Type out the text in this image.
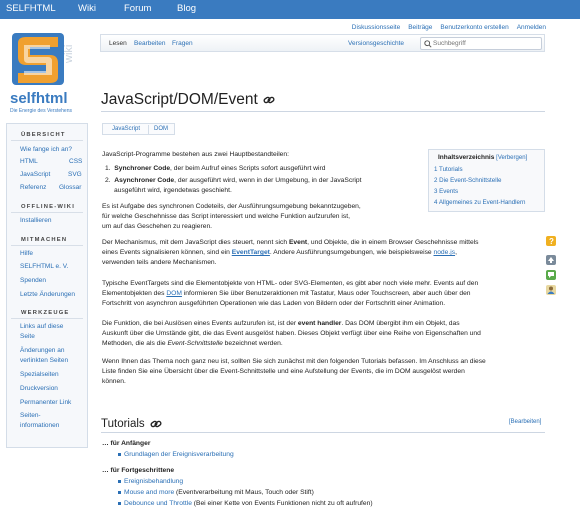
SELFHTML Wiki	Forum	Blog
Diskussionsseite Beiträge Benutzerkonto erstellen Anmelden
wiki
selfhtml
Die Energie des Verstehens
Lesen Bearbeiten Fragen	Versionsgeschichte
Suchbegriff
JavaScript/DOM/Event
JavaScript DOM
ÜBERSICHT
Wie fange ich an?
HTML	CSS
JavaScript	SVG
Referenz Glossar
OFFLINE-WIKI
Installieren
MITMACHEN
Hilfe
SELFHTML e. V.
Spenden
Letzte Änderungen
WERKZEUGE
Links auf diese
Seite
Änderungen an
verlinkten Seiten
Spezialseiten
Druckversion
Permanenter Link
Seiten-
informationen
JavaScript-Programme bestehen aus zwei Hauptbestandteilen:
1.  Synchroner Code, der beim Aufruf eines Scripts sofort ausgeführt wird
2.  Asynchroner Code, der ausgeführt wird, wenn in der Umgebung, in der JavaScript
ausgeführt wird, irgendetwas geschieht.

Es ist Aufgabe des synchronen Codeteils, der Ausführungsumgebung bekanntzugeben,

für welche Geschehnisse das Script interessiert und welche Funktion aufzurufen ist,

um auf das Geschehen zu reagieren.

Inhaltsverzeichnis [Verbergen]
1 Tutorials
2 Die Event-Schnittstelle
3 Events
4 Allgemeines zu Event-Handlern

Der Mechanismus, mit dem JavaScript dies steuert, nennt sich Event, und Objekte, die in einem Browser Geschehnisse mittels

eines Events signalisieren können, sind ein EventTarget. Andere Ausführungsumgebungen, wie beispielsweise node.js,

verwenden teils andere Mechanismen.

Typische EventTargets sind die Elementobjekte von HTML- oder SVG-Elementen, es gibt aber noch viele mehr. Events auf den

Elementobjekten des DOM informieren Sie über Benutzeraktionen mit Tastatur, Maus oder Touchscreen, aber auch über den

Fortschritt von asynchron ausgeführten Operationen wie das Laden von Bildern oder der Fortschritt einer Animation.

Die Funktion, die bei Auslösen eines Events aufzurufen ist, ist der event handler. Das DOM übergibt ihm ein Objekt, das

Auskunft über die Umstände gibt, die das Event ausgelöst haben. Dieses Objekt verfügt über eine Reihe von Eigenschaften und

Methoden, die als die Event-Schnittstelle bezeichnet werden.

Wenn Ihnen das Thema noch ganz neu ist, sollten Sie sich zunächst mit den folgenden Tutorials befassen. Im Anschluss an diese

Liste finden Sie eine Übersicht über die Event-Schnittstelle und eine Aufstellung der Events, die im DOM ausgelöst werden

können.

Tutorials	[Bearbeiten]
… für Anfänger
Grundlagen der Ereignisverarbeitung
… für Fortgeschrittene
Ereignisbehandlung
Mouse and more (Eventverarbeitung mit Maus, Touch oder Stift)
Debounce und Throttle (Bei einer Kette von Events Funktionen nicht zu oft aufrufen)
?
